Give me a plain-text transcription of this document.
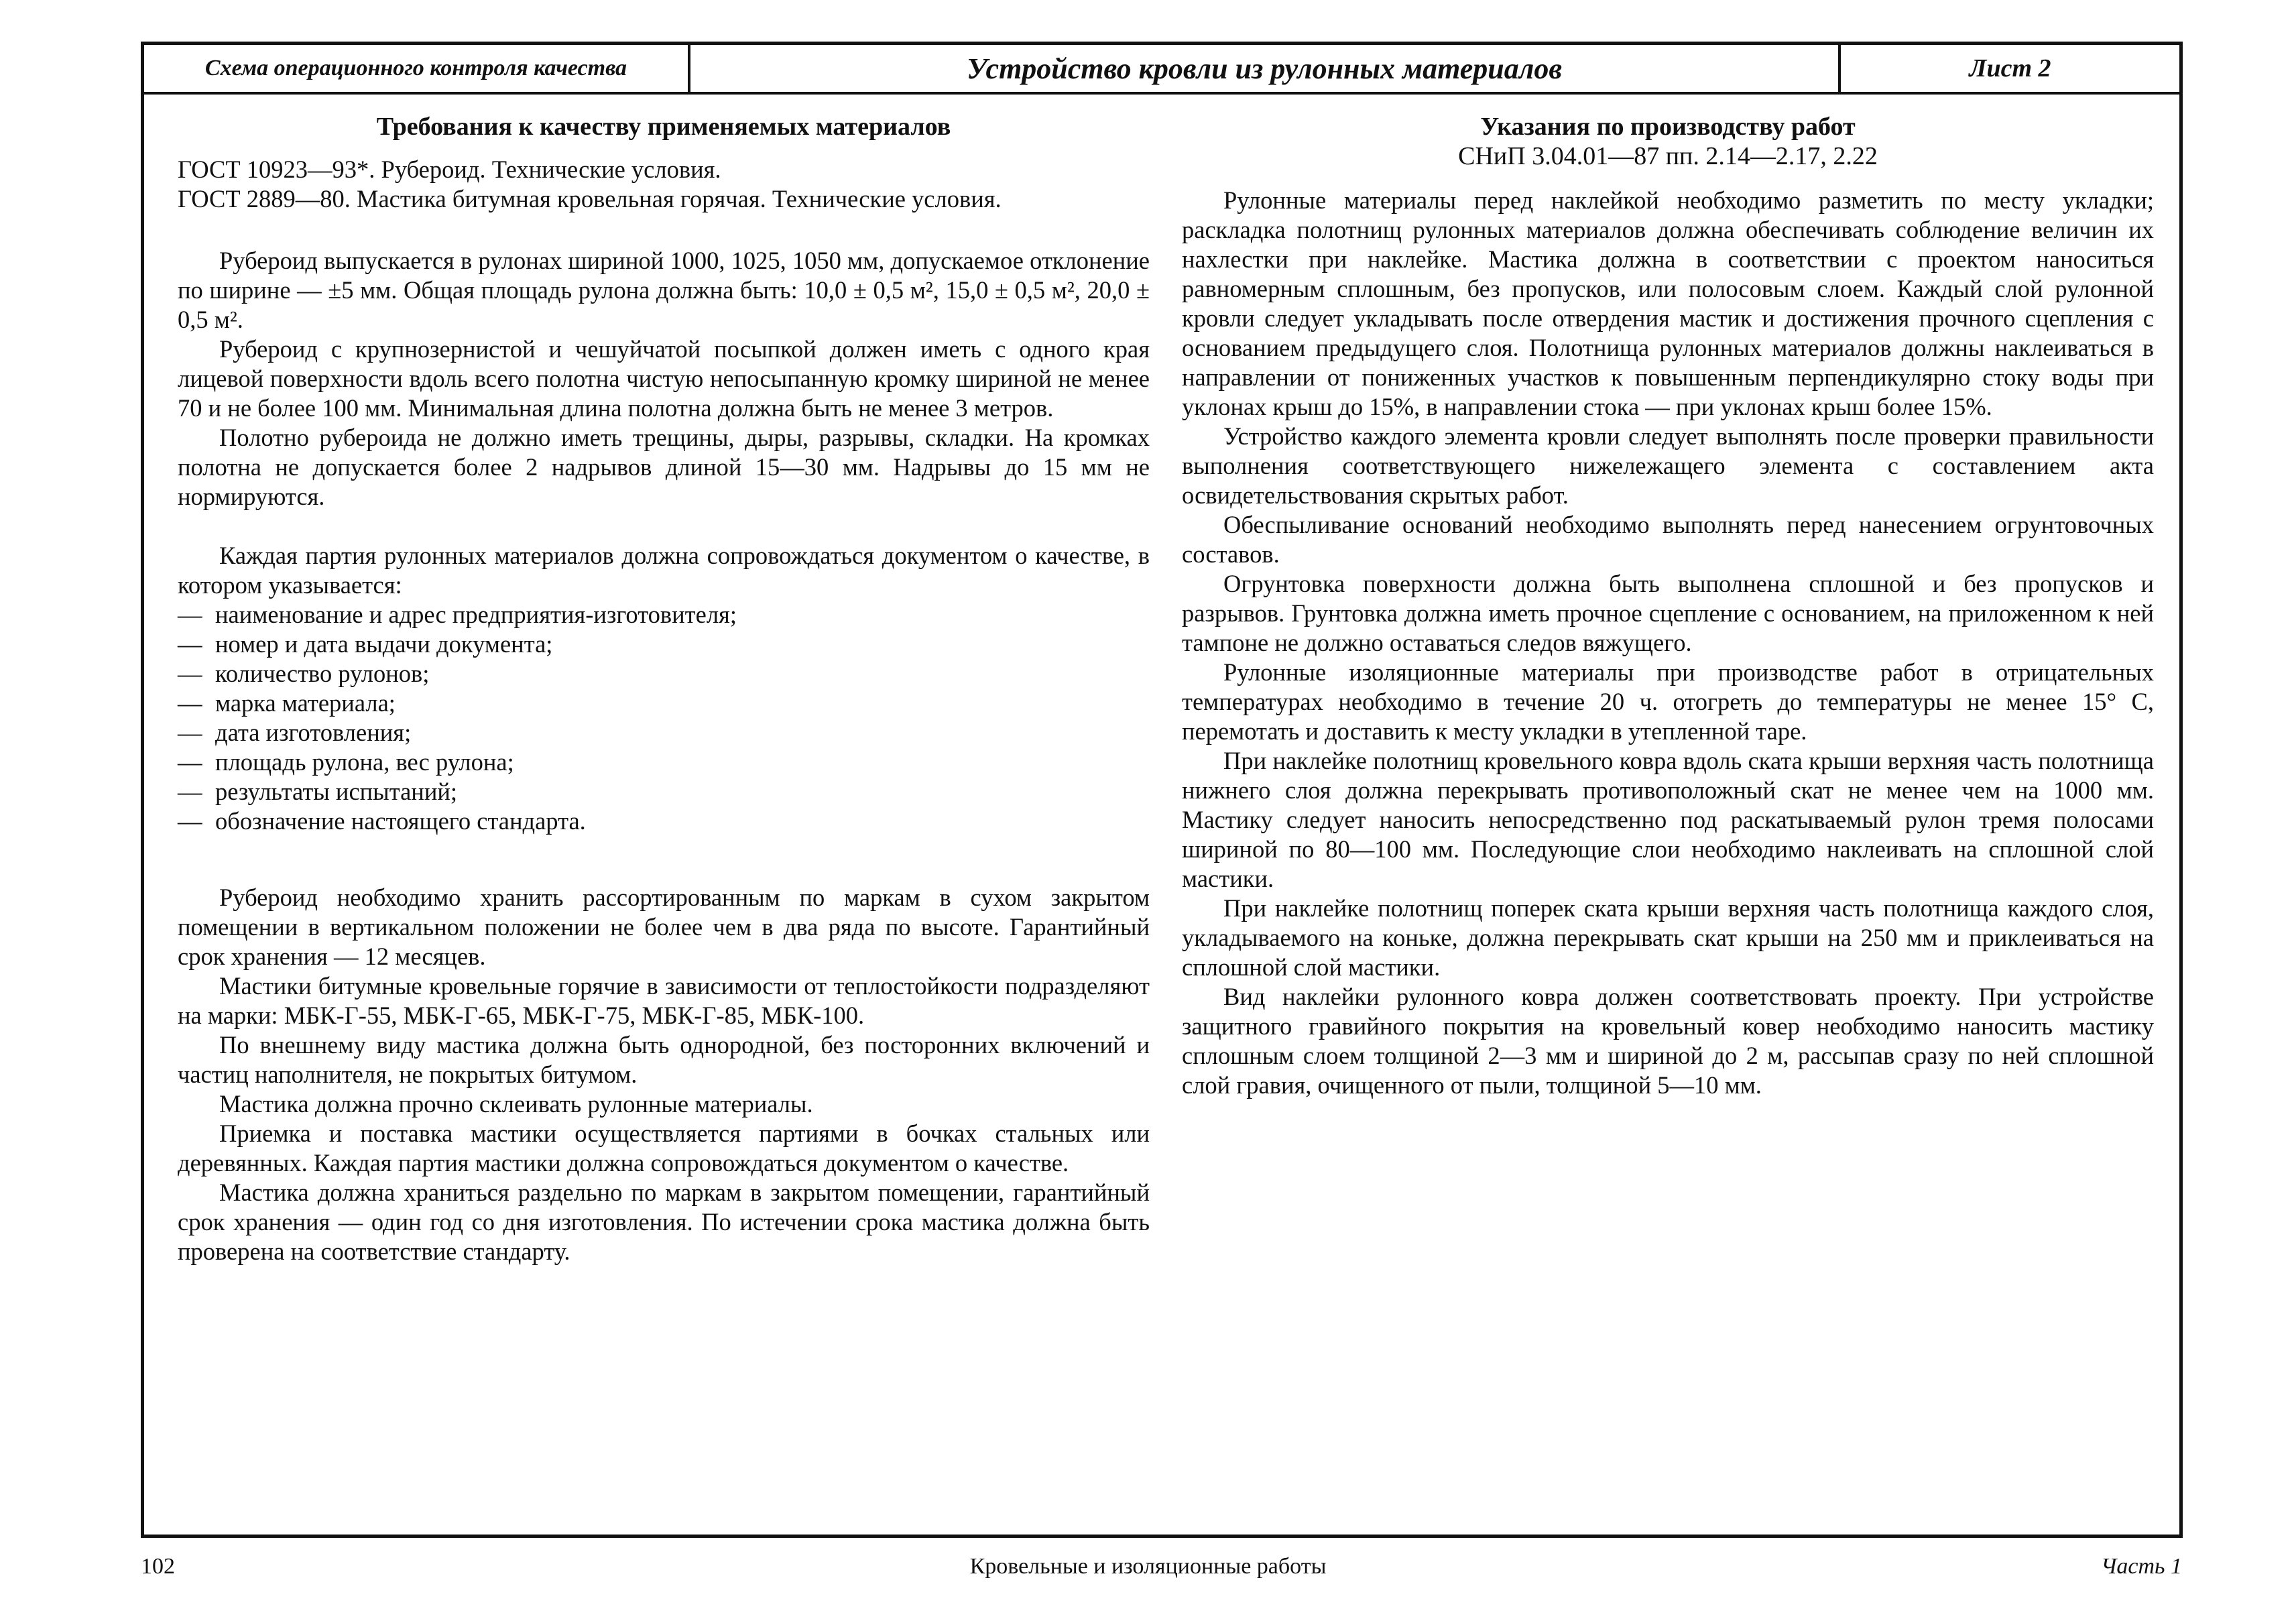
Схема операционного контроля качества	Устройство кровли из рулонных материалов	Лист 2
Требования к качеству применяемых материалов

ГОСТ 10923—93*. Рубероид. Технические условия.

ГОСТ 2889—80. Мастика битумная кровельная горячая. Технические условия.

Рубероид выпускается в рулонах шириной 1000, 1025, 1050 мм, допускаемое отклонение по ширине — ±5 мм. Общая площадь рулона должна быть: 10,0 ± 0,5 м², 15,0 ± 0,5 м², 20,0 ± 0,5 м².

Рубероид с крупнозернистой и чешуйчатой посыпкой должен иметь с одного края лицевой поверхности вдоль всего полотна чистую непосыпанную кромку шириной не менее 70 и не более 100 мм. Минимальная длина полотна должна быть не менее 3 метров.

Полотно рубероида не должно иметь трещины, дыры, разрывы, складки. На кромках полотна не допускается более 2 надрывов длиной 15—30 мм. Надрывы до 15 мм не нормируются.

Каждая партия рулонных материалов должна сопровождаться документом о качестве, в котором указывается:

— наименование и адрес предприятия-изготовителя;
— номер и дата выдачи документа;
— количество рулонов;
— марка материала;
— дата изготовления;
— площадь рулона, вес рулона;
— результаты испытаний;
— обозначение настоящего стандарта.

Рубероид необходимо хранить рассортированным по маркам в сухом закрытом помещении в вертикальном положении не более чем в два ряда по высоте. Гарантийный срок хранения — 12 месяцев.

Мастики битумные кровельные горячие в зависимости от теплостойкости подразделяют на марки: МБК-Г-55, МБК-Г-65, МБК-Г-75, МБК-Г-85, МБК-100.

По внешнему виду мастика должна быть однородной, без посторонних включений и частиц наполнителя, не покрытых битумом.

Мастика должна прочно склеивать рулонные материалы.

Приемка и поставка мастики осуществляется партиями в бочках стальных или деревянных. Каждая партия мастики должна сопровождаться документом о качестве.

Мастика должна храниться раздельно по маркам в закрытом помещении, гарантийный срок хранения — один год со дня изготовления. По истечении срока мастика должна быть проверена на соответствие стандарту.

Указания по производству работ

СНиП 3.04.01—87 пп. 2.14—2.17, 2.22

Рулонные материалы перед наклейкой необходимо разметить по месту укладки; раскладка полотнищ рулонных материалов должна обеспечивать соблюдение величин их нахлестки при наклейке. Мастика должна в соответствии с проектом наноситься равномерным сплошным, без пропусков, или полосовым слоем. Каждый слой рулонной кровли следует укладывать после отвердения мастик и достижения прочного сцепления с основанием предыдущего слоя. Полотнища рулонных материалов должны наклеиваться в направлении от пониженных участков к повышенным перпендикулярно стоку воды при уклонах крыш до 15%, в направлении стока — при уклонах крыш более 15%.

Устройство каждого элемента кровли следует выполнять после проверки правильности выполнения соответствующего нижележащего элемента с составлением акта освидетельствования скрытых работ.

Обеспыливание оснований необходимо выполнять перед нанесением огрунтовочных составов.

Огрунтовка поверхности должна быть выполнена сплошной и без пропусков и разрывов. Грунтовка должна иметь прочное сцепление с основанием, на приложенном к ней тампоне не должно оставаться следов вяжущего.

Рулонные изоляционные материалы при производстве работ в отрицательных температурах необходимо в течение 20 ч. отогреть до температуры не менее 15° С, перемотать и доставить к месту укладки в утепленной таре.

При наклейке полотнищ кровельного ковра вдоль ската крыши верхняя часть полотнища нижнего слоя должна перекрывать противоположный скат не менее чем на 1000 мм. Мастику следует наносить непосредственно под раскатываемый рулон тремя полосами шириной по 80—100 мм. Последующие слои необходимо наклеивать на сплошной слой мастики.

При наклейке полотнищ поперек ската крыши верхняя часть полотнища каждого слоя, укладываемого на коньке, должна перекрывать скат крыши на 250 мм и приклеиваться на сплошной слой мастики.

Вид наклейки рулонного ковра должен соответствовать проекту. При устройстве защитного гравийного покрытия на кровельный ковер необходимо наносить мастику сплошным слоем толщиной 2—3 мм и шириной до 2 м, рассыпав сразу по ней сплошной слой гравия, очищенного от пыли, толщиной 5—10 мм.

102	Кровельные и изоляционные работы	Часть 1
